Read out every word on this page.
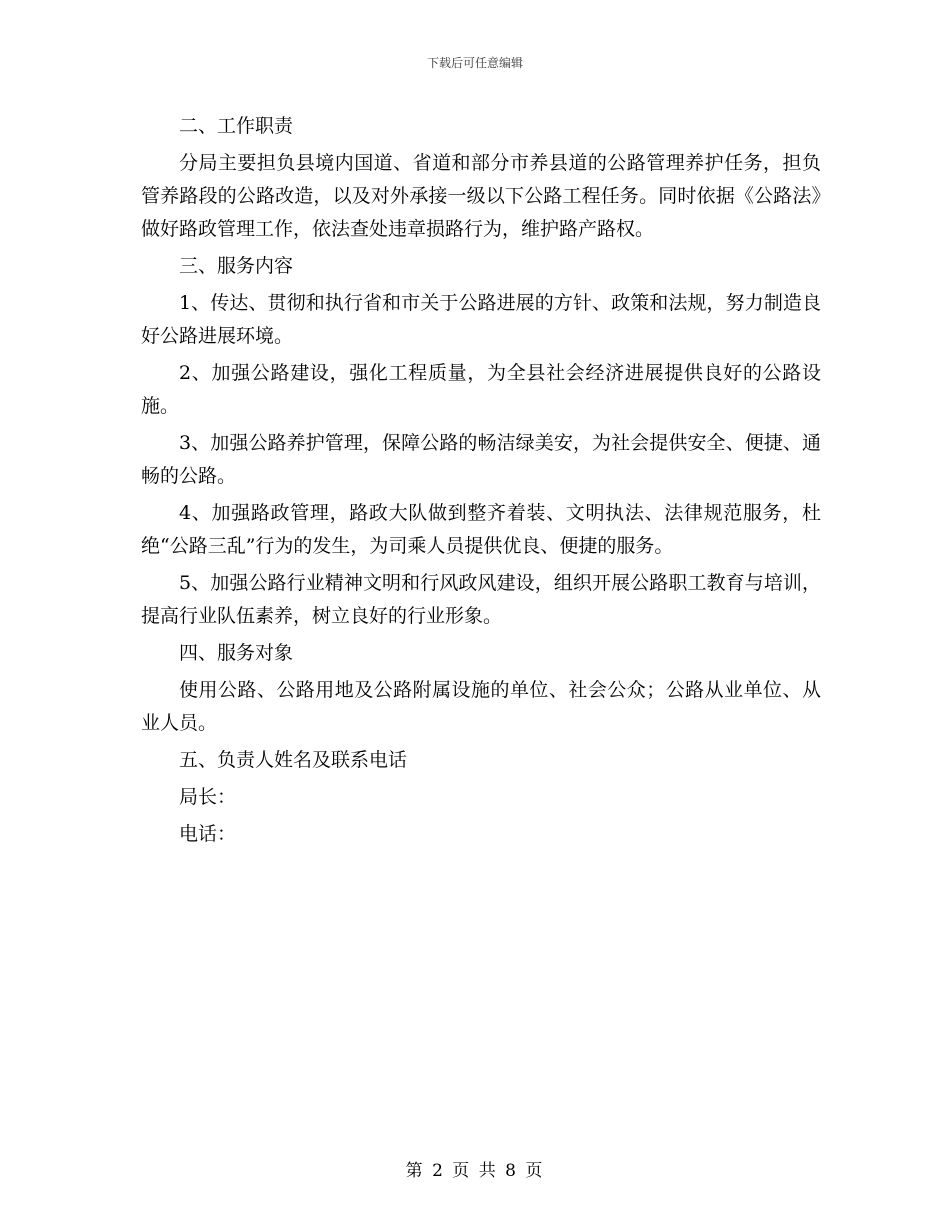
下载后可任意编辑

二、工作职责

分局主要担负县境内国道、省道和部分市养县道的公路管理养护任务，担负管养路段的公路改造，以及对外承接一级以下公路工程任务。同时依据《公路法》做好路政管理工作，依法查处违章损路行为，维护路产路权。

三、服务内容

1、传达、贯彻和执行省和市关于公路进展的方针、政策和法规，努力制造良好公路进展环境。

2、加强公路建设，强化工程质量，为全县社会经济进展提供良好的公路设施。

3、加强公路养护管理，保障公路的畅洁绿美安，为社会提供安全、便捷、通畅的公路。

4、加强路政管理，路政大队做到整齐着装、文明执法、法律规范服务，杜绝“公路三乱”行为的发生，为司乘人员提供优良、便捷的服务。

5、加强公路行业精神文明和行风政风建设，组织开展公路职工教育与培训，提高行业队伍素养，树立良好的行业形象。

四、服务对象

使用公路、公路用地及公路附属设施的单位、社会公众；公路从业单位、从业人员。

五、负责人姓名及联系电话

局长：

电话：

第 2 页 共 8 页
